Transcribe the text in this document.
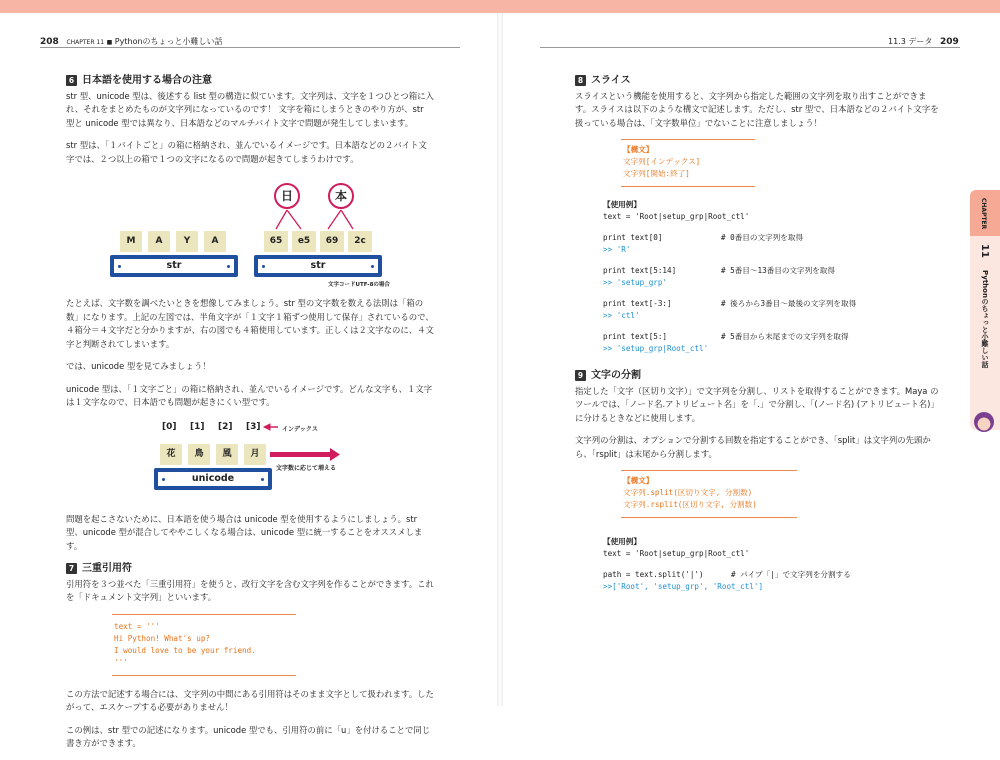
208 CHAPTER 11 ■ Pythonのちょっと小難しい話	11.3 データ 209
6 日本語を使用する場合の注意
str 型、unicode 型は、後述する list 型の構造に似ています。文字列は、文字を１つひとつ箱に入れ、それをまとめたものが文字列になっているのです！ 文字を箱にしまうときのやり方が、str 型と unicode 型では異なり、日本語などのマルチバイト文字で問題が発生してしまいます。
str 型は、「１バイトごと」の箱に格納され、並んでいるイメージです。日本語などの２バイト文字では、２つ以上の箱で１つの文字になるので問題が起きてしまうわけです。
日	本
M	A	Y	A
str
65	e5	69	2c
str
文字コードUTF-8の場合
たとえば、文字数を調べたいときを想像してみましょう。str 型の文字数を数える法則は「箱の数」になります。上記の左図では、半角文字が「１文字１箱ずつ使用して保存」されているので、４箱分＝４文字だと分かりますが、右の図でも４箱使用しています。正しくは２文字なのに、４文字と判断されてしまいます。
では、unicode 型を見てみましょう！
unicode 型は、「１文字ごと」の箱に格納され、並んでいるイメージです。どんな文字も、１文字は１文字なので、日本語でも問題が起きにくい型です。
[0] [1] [2] [3]	インデックス
花	鳥	風	月
unicode
文字数に応じて増える
問題を起こさないために、日本語を使う場合は unicode 型を使用するようにしましょう。str 型、unicode 型が混合してややこしくなる場合は、unicode 型に統一することをオススメします。
7 三重引用符
引用符を３つ並べた「三重引用符」を使うと、改行文字を含む文字列を作ることができます。これを「ドキュメント文字列」といいます。
text = '''
Hi Python! What's up?
I would love to be your friend.
'''
この方法で記述する場合には、文字列の中間にある引用符はそのまま文字として扱われます。したがって、エスケープする必要がありません！
この例は、str 型での記述になります。unicode 型でも、引用符の前に「u」を付けることで同じ書き方ができます。
8 スライス
スライスという機能を使用すると、文字列から指定した範囲の文字列を取り出すことができます。スライスは以下のような構文で記述します。ただし、str 型で、日本語などの２バイト文字を扱っている場合は、「文字数単位」でないことに注意しましょう！
【構文】
文字列[インデックス]
文字列[開始:終了]
【使用例】
text = 'Root|setup_grp|Root_ctl'
print text[0]	# 0番目の文字列を取得
>> 'R'
print text[5:14]	# 5番目〜13番目の文字列を取得
>> 'setup_grp'
print text[-3:]	# 後ろから3番目〜最後の文字列を取得
>> 'ctl'
print text[5:]	# 5番目から末尾までの文字列を取得
>> 'setup_grp|Root_ctl'
9 文字の分割
指定した「文字（区切り文字）」で文字列を分割し、リストを取得することができます。Maya のツールでは、「ノード名.アトリビュート名」を「.」で分割し、「(ノード名) (アトリビュート名)」に分けるときなどに使用します。
文字列の分割は、オプションで分割する回数を指定することができ、「split」は文字列の先頭から、「rsplit」は末尾から分割します。
【構文】
文字列.split(区切り文字, 分割数)
文字列.rsplit(区切り文字, 分割数)
【使用例】
text = 'Root|setup_grp|Root_ctl'
path = text.split('|')	# パイプ「|」で文字列を分割する
>>['Root', 'setup_grp', 'Root_ctl']
CHAPTER
11
Pythonのちょっと小難しい話
